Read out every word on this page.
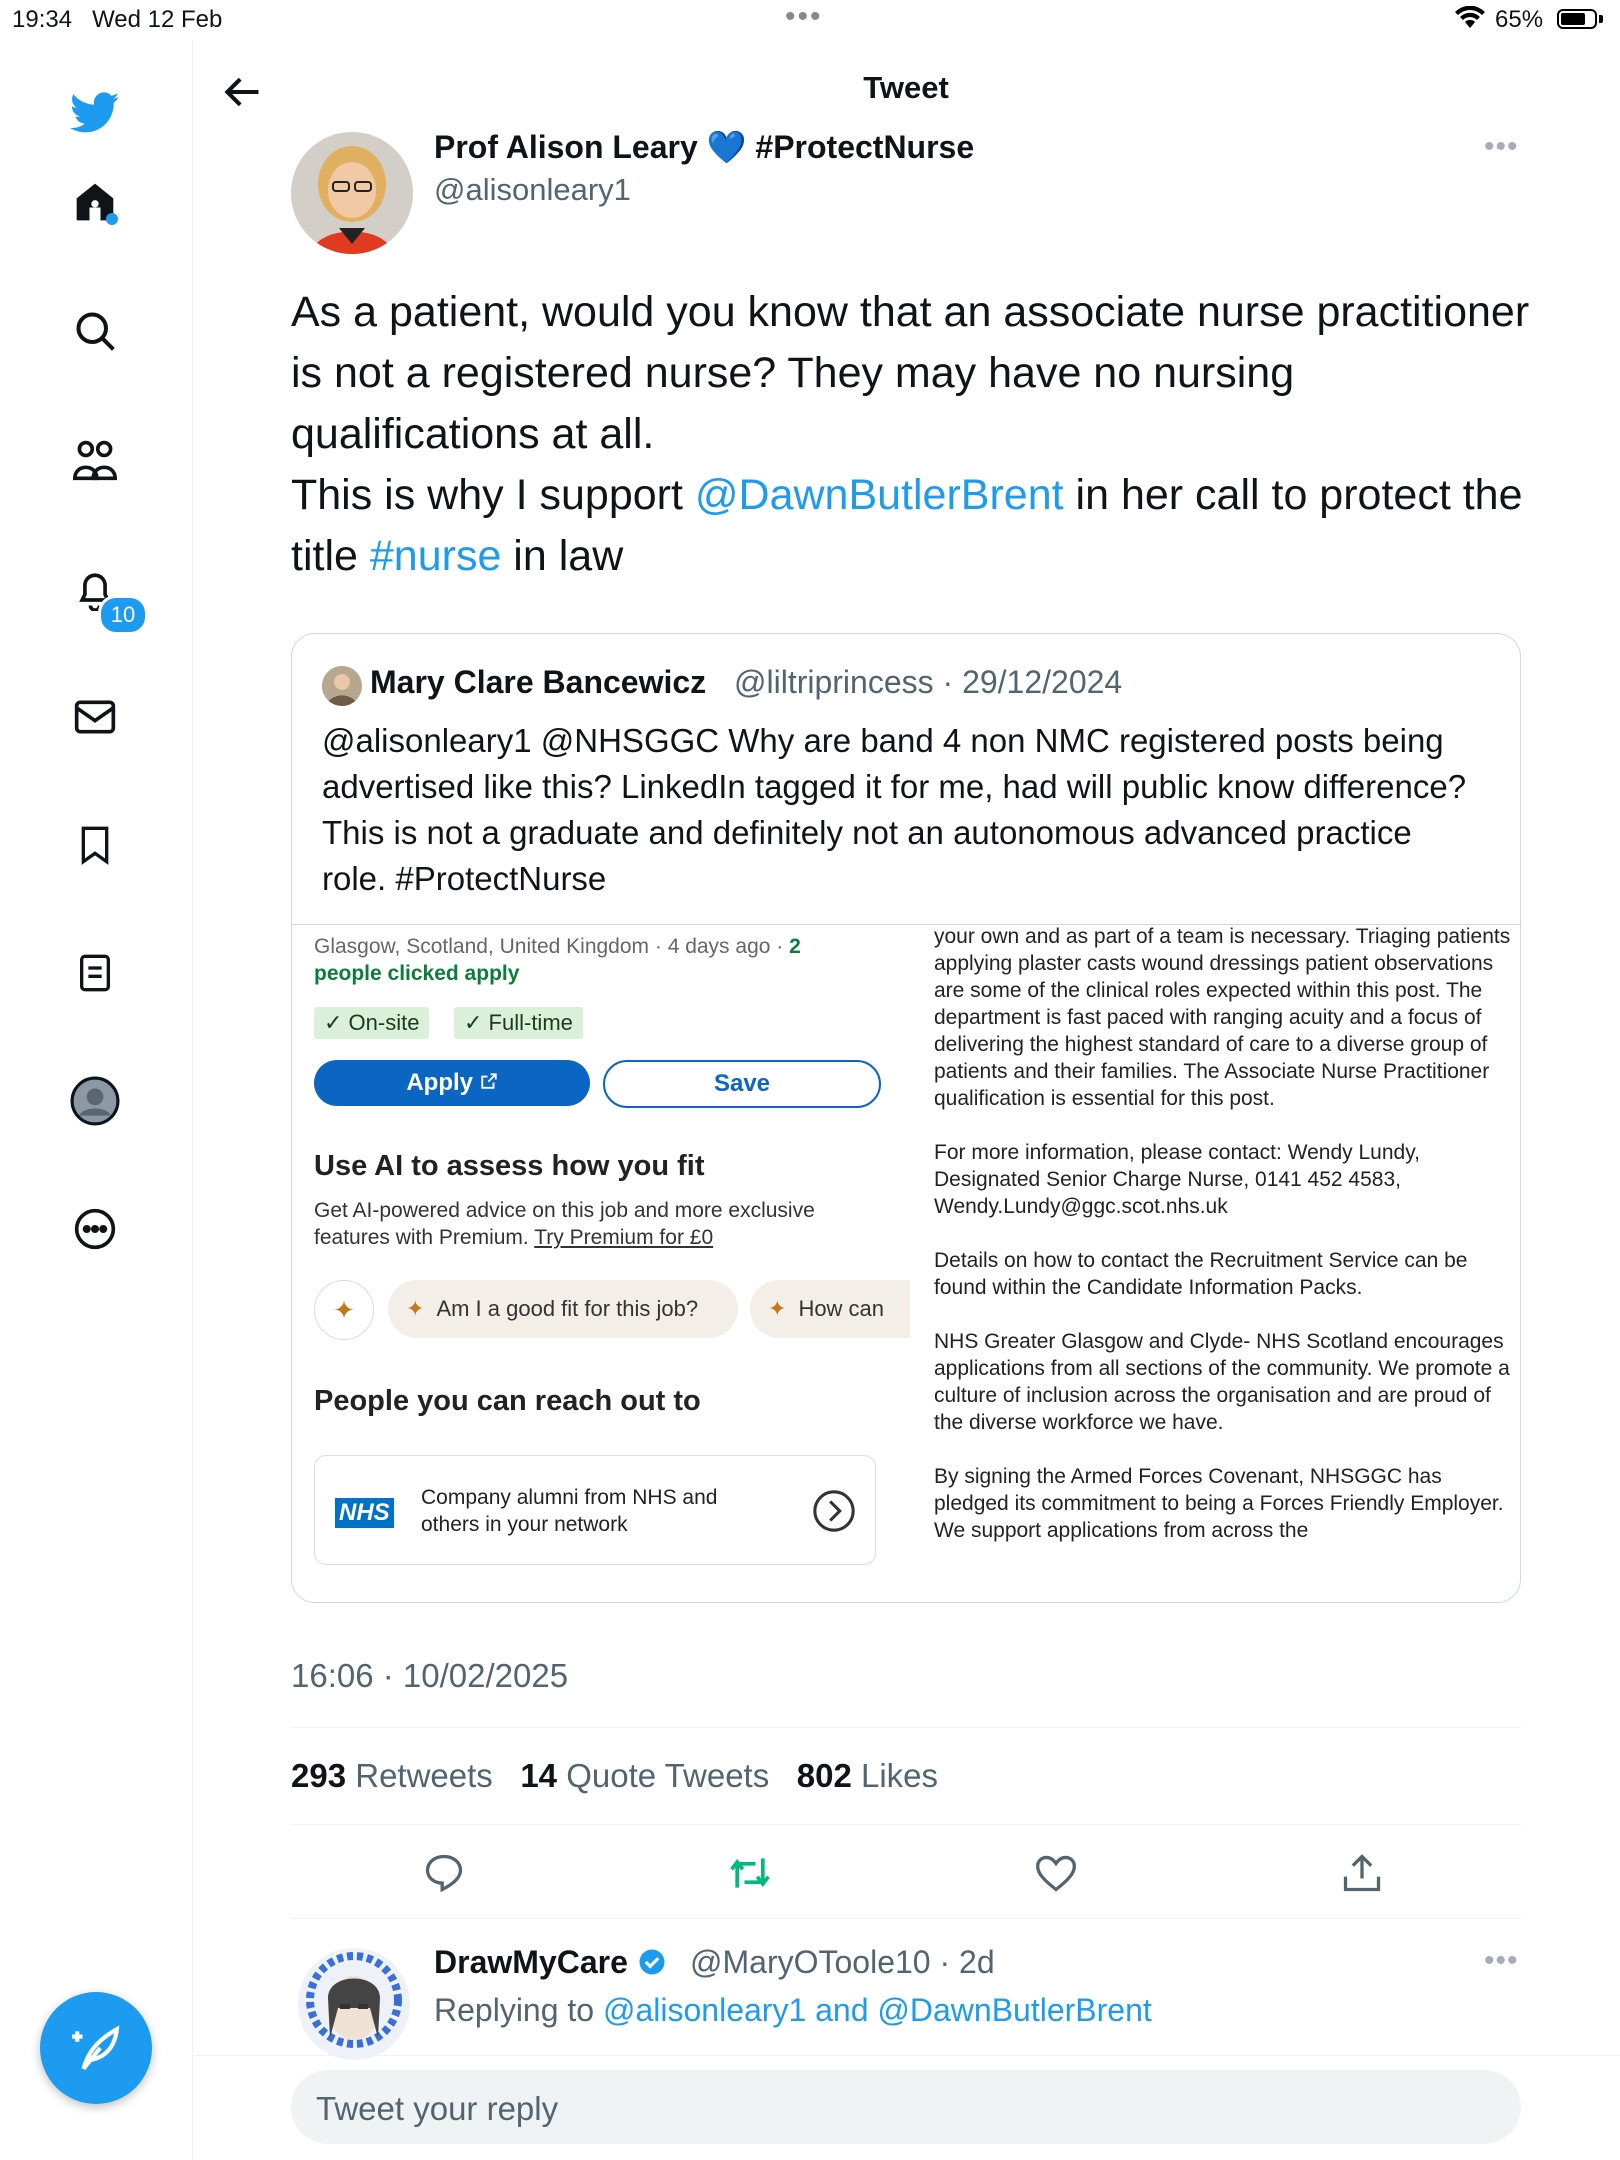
19:34 Wed 12 Feb	•••	65%
10
Tweet
Prof Alison Leary 💙 #ProtectNurse
@alisonleary1
•••
As a patient, would you know that an associate nurse practitioner is not a registered nurse? They may have no nursing qualifications at all.
This is why I support @DawnButlerBrent in her call to protect the title #nurse in law
Mary Clare Bancewicz @liltriprincess · 29/12/2024
@alisonleary1 @NHSGGC Why are band 4 non NMC registered posts being advertised like this? LinkedIn tagged it for me, had will public know difference? This is not a graduate and definitely not an autonomous advanced practice role. #ProtectNurse
Glasgow, Scotland, United Kingdom · 4 days ago · 2 people clicked apply
✓ On-site	✓ Full-time
Apply
	Save
Use AI to assess how you fit
Get AI-powered advice on this job and more exclusive features with Premium. Try Premium for £0
✦ ✦ Am I a good fit for this job?	✦ How can
People you can reach out to
NHS
Company alumni from NHS and others in your network
your own and as part of a team is necessary. Triaging patients applying plaster casts wound dressings patient observations are some of the clinical roles expected within this post. The department is fast paced with ranging acuity and a focus of delivering the highest standard of care to a diverse group of patients and their families. The Associate Nurse Practitioner qualification is essential for this post.
For more information, please contact: Wendy Lundy, Designated Senior Charge Nurse, 0141 452 4583, Wendy.Lundy@ggc.scot.nhs.uk
Details on how to contact the Recruitment Service can be found within the Candidate Information Packs.
NHS Greater Glasgow and Clyde- NHS Scotland encourages applications from all sections of the community. We promote a culture of inclusion across the organisation and are proud of the diverse workforce we have.
By signing the Armed Forces Covenant, NHSGGC has pledged its commitment to being a Forces Friendly Employer. We support applications from across the
16:06 · 10/02/2025
293 Retweets 14 Quote Tweets 802 Likes
DrawMyCare	@MaryOToole10 · 2d	•••
Replying to @alisonleary1 and @DawnButlerBrent
Tweet your reply
